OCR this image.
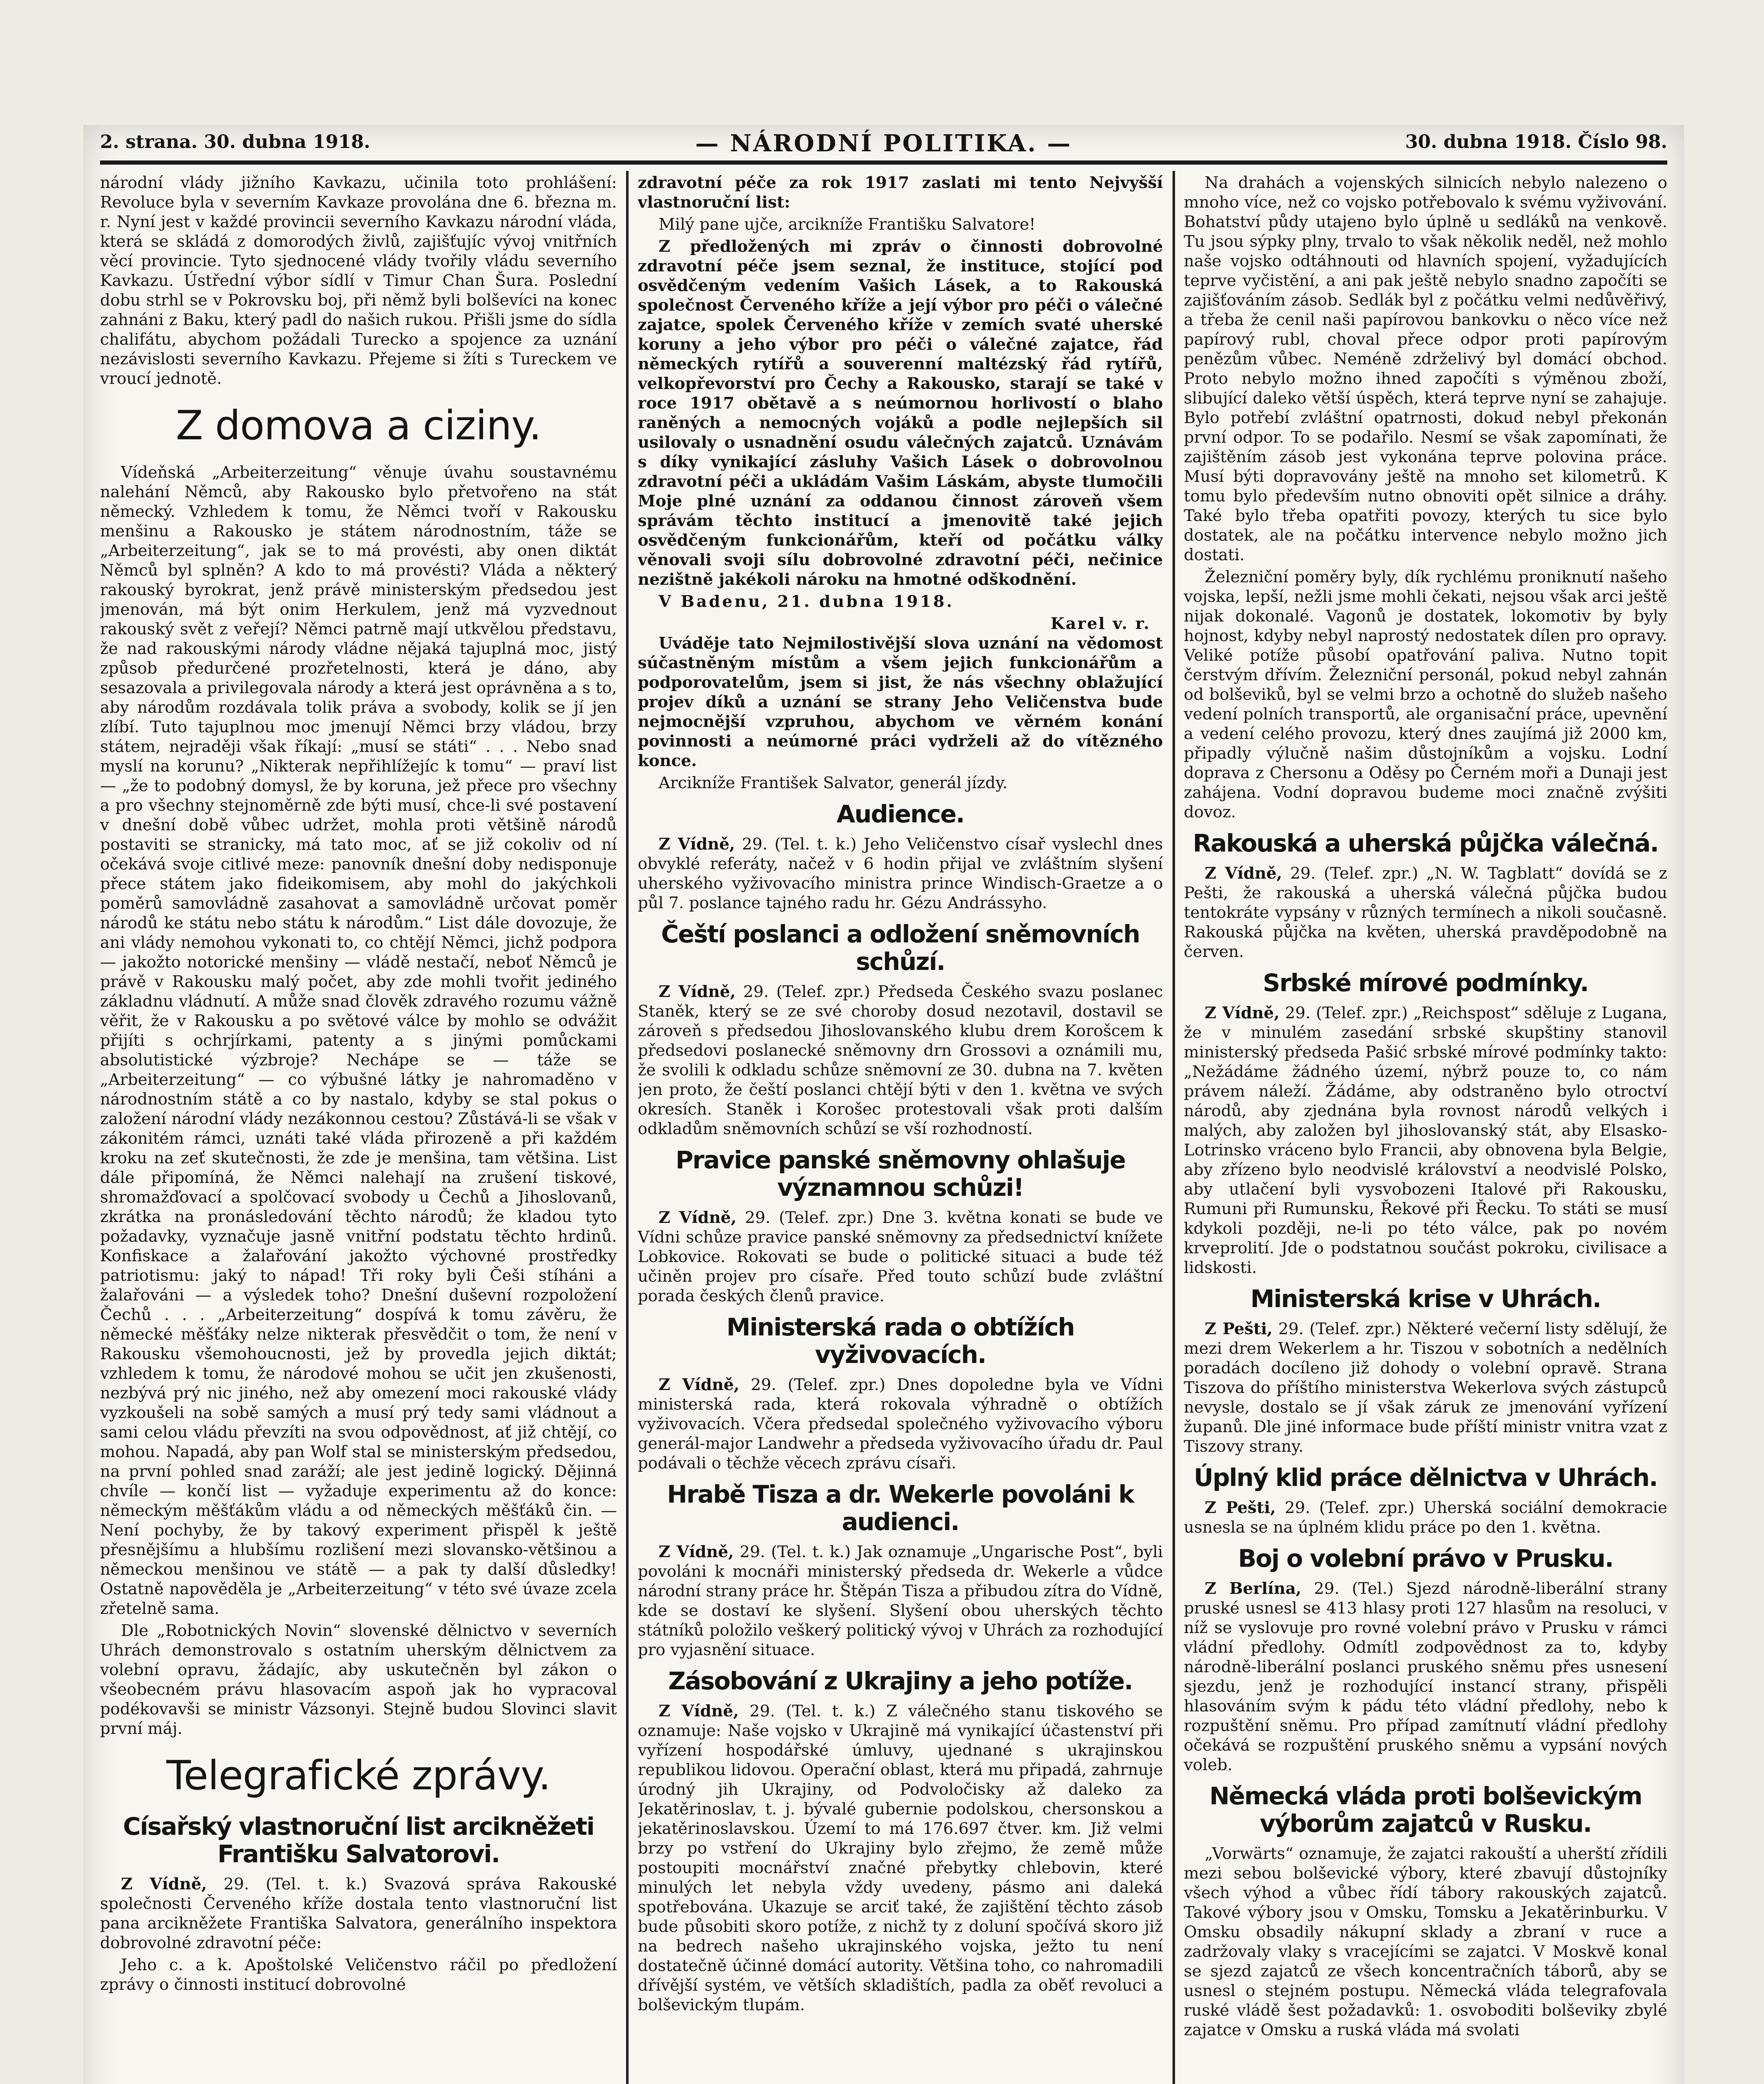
2. strana. 30. dubna 1918.	— NÁRODNÍ POLITIKA. —	30. dubna 1918. Číslo 98.

národní vlády jižního Kavkazu, učinila toto prohlášení: Revoluce byla v severním Kavkaze provolána dne 6. března m. r. Nyní jest v každé provincii severního Kavkazu národní vláda, která se skládá z domorodých živlů, zajišťujíc vývoj vnitřních věcí provincie. Tyto sjednocené vlády tvořily vládu severního Kavkazu. Ústřední výbor sídlí v Timur Chan Šura. Poslední dobu strhl se v Pokrovsku boj, při němž byli bolševíci na konec zahnáni z Baku, který padl do našich rukou. Přišli jsme do sídla chalifátu, abychom požádali Turecko a spojence za uznání nezávislosti severního Kavkazu. Přejeme si žíti s Tureckem ve vroucí jednotě.

Z domova a ciziny.

Vídeňská „Arbeiterzeitung“ věnuje úvahu soustavnému nalehání Němců, aby Rakousko bylo přetvořeno na stát německý. Vzhledem k tomu, že Němci tvoří v Rakousku menšinu a Rakousko je státem národnostním, táže se „Arbeiterzeitung“, jak se to má provésti, aby onen diktát Němců byl splněn? A kdo to má provésti? Vláda a některý rakouský byrokrat, jenž právě ministerským předsedou jest jmenován, má být onim Herkulem, jenž má vyzvednout rakouský svět z veřejí? Němci patrně mají utkvělou představu, že nad rakouskými národy vládne nějaká tajuplná moc, jistý způsob předurčené prozřetelnosti, která je dáno, aby sesazovala a privilegovala národy a která jest oprávněna a s to, aby národům rozdávala tolik práva a svobody, kolik se jí jen zlíbí. Tuto tajuplnou moc jmenují Němci brzy vládou, brzy státem, nejraději však říkají: „musí se státi“ . . . Nebo snad myslí na korunu? „Nikterak nepřihlížejíc k tomu“ — praví list — „že to podobný domysl, že by koruna, jež přece pro všechny a pro všechny stejnoměrně zde býti musí, chce-li své postavení v dnešní době vůbec udržet, mohla proti většině národů postaviti se stranicky, má tato moc, ať se již cokoliv od ní očekává svoje citlivé meze: panovník dnešní doby nedisponuje přece státem jako fideikomisem, aby mohl do jakýchkoli poměrů samovládně zasahovat a samovládně určovat poměr národů ke státu nebo státu k národům.“ List dále dovozuje, že ani vlády nemohou vykonati to, co chtějí Němci, jichž podpora — jakožto notorické menšiny — vládě nestačí, neboť Němců je právě v Rakousku malý počet, aby zde mohli tvořit jediného základnu vládnutí. A může snad člověk zdravého rozumu vážně věřit, že v Rakousku a po světové válce by mohlo se odvážit přijíti s ochrjírkami, patenty a s jinými pomůckami absolutistické výzbroje? Nechápe se — táže se „Arbeiterzeitung“ — co výbušné látky je nahromaděno v národnostním státě a co by nastalo, kdyby se stal pokus o založení národní vlády nezákonnou cestou? Zůstává-li se však v zákonitém rámci, uznáti také vláda přirozeně a při každém kroku na zeť skutečnosti, že zde je menšina, tam většina. List dále připomíná, že Němci nalehají na zrušení tiskové, shromažďovací a spolčovací svobody u Čechů a Jihoslovanů, zkrátka na pronásledování těchto národů; že kladou tyto požadavky, vyznačuje jasně vnitřní podstatu těchto hrdinů. Konfiskace a žalařování jakožto výchovné prostředky patriotismu: jaký to nápad! Tři roky byli Češi stíháni a žalařováni — a výsledek toho? Dnešní duševní rozpoložení Čechů . . . „Arbeiterzeitung“ dospívá k tomu závěru, že německé měšťáky nelze nikterak přesvědčit o tom, že není v Rakousku všemohoucnosti, jež by provedla jejich diktát; vzhledem k tomu, že národové mohou se učit jen zkušenosti, nezbývá prý nic jiného, než aby omezení moci rakouské vlády vyzkoušeli na sobě samých a musí prý tedy sami vládnout a sami celou vládu převzíti na svou odpovědnost, ať již chtějí, co mohou. Napadá, aby pan Wolf stal se ministerským předsedou, na první pohled snad zaráží; ale jest jedině logický. Dějinná chvíle — končí list — vyžaduje experimentu až do konce: německým měšťákům vládu a od německých měšťáků čin. — Není pochyby, že by takový experiment přispěl k ještě přesnějšímu a hlubšímu rozlišení mezi slovansko-většinou a německou menšinou ve státě — a pak ty další důsledky! Ostatně napověděla je „Arbeiterzeitung“ v této své úvaze zcela zřetelně sama.

Dle „Robotnických Novin“ slovenské dělnictvo v severních Uhrách demonstrovalo s ostatním uherským dělnictvem za volební opravu, žádajíc, aby uskutečněn byl zákon o všeobecném právu hlasovacím aspoň jak ho vypracoval podékovavši se ministr Vázsonyi. Stejně budou Slovinci slavit první máj.

Telegrafické zprávy.
Císařský vlastnoruční list arcikněžeti Františku Salvatorovi.

Z Vídně, 29. (Tel. t. k.) Svazová správa Rakouské společnosti Červeného kříže dostala tento vlastnoruční list pana arcikněžete Františka Salvatora, generálního inspektora dobrovolné zdravotní péče:

Jeho c. a k. Apoštolské Veličenstvo ráčil po předložení zprávy o činnosti institucí dobrovolné

zdravotní péče za rok 1917 zaslati mi tento Nejvyšší vlastnoruční list:

Milý pane ujče, arcikníže Františku Salvatore!

Z předložených mi zpráv o činnosti dobrovolné zdravotní péče jsem seznal, že instituce, stojící pod osvědčeným vedením Vašich Lásek, a to Rakouská společnost Červeného kříže a její výbor pro péči o válečné zajatce, spolek Červeného kříže v zemích svaté uherské koruny a jeho výbor pro péči o válečné zajatce, řád německých rytířů a souverenní maltézský řád rytířů, velkopřevorství pro Čechy a Rakousko, starají se také v roce 1917 obětavě a s neúmornou horlivostí o blaho raněných a nemocných vojáků a podle nejlepších sil usilovaly o usnadnění osudu válečných zajatců. Uznávám s díky vynikající zásluhy Vašich Lásek o dobrovolnou zdravotní péči a ukládám Vašim Láskám, abyste tlumočili Moje plné uznání za oddanou činnost zároveň všem správám těchto institucí a jmenovitě také jejich osvědčeným funkcionářům, kteří od počátku války věnovali svoji sílu dobrovolné zdravotní péči, nečinice nezištně jakékoli nároku na hmotné odškodnění.

V Badenu, 21. dubna 1918.

Karel v. r.

Uváděje tato Nejmilostivější slova uznání na vědomost súčastněným místům a všem jejich funkcionářům a podporovatelům, jsem si jist, že nás všechny oblažující projev díků a uznání se strany Jeho Veličenstva bude nejmocnější vzpruhou, abychom ve věrném konání povinnosti a neúmorné práci vydrželi až do vítězného konce.

Arcikníže František Salvator, generál jízdy.

Audience.

Z Vídně, 29. (Tel. t. k.) Jeho Veličenstvo císař vyslechl dnes obvyklé referáty, načež v 6 hodin přijal ve zvláštním slyšení uherského vyživovacího ministra prince Windisch-Graetze a o půl 7. poslance tajného radu hr. Gézu Andrássyho.

Čeští poslanci a odložení sněmovních schůzí.

Z Vídně, 29. (Telef. zpr.) Předseda Českého svazu poslanec Staněk, který se ze své choroby dosud nezotavil, dostavil se zároveň s předsedou Jihoslovanského klubu drem Korošcem k předsedovi poslanecké sněmovny drn Grossovi a oznámili mu, že svolili k odkladu schůze sněmovní ze 30. dubna na 7. květen jen proto, že čeští poslanci chtějí býti v den 1. května ve svých okresích. Staněk i Korošec protestovali však proti dalším odkladům sněmovních schůzí se vší rozhodností.

Pravice panské sněmovny ohlašuje významnou schůzi!

Z Vídně, 29. (Telef. zpr.) Dne 3. května konati se bude ve Vídni schůze pravice panské sněmovny za předsednictví knížete Lobkovice. Rokovati se bude o politické situaci a bude též učiněn projev pro císaře. Před touto schůzí bude zvláštní porada českých členů pravice.

Ministerská rada o obtížích vyživovacích.

Z Vídně, 29. (Telef. zpr.) Dnes dopoledne byla ve Vídni ministerská rada, která rokovala výhradně o obtížích vyživovacích. Včera předsedal společného vyživovacího výboru generál-major Landwehr a předseda vyživovacího úřadu dr. Paul podávali o těchže věcech zprávu císaři.

Hrabě Tisza a dr. Wekerle povoláni k audienci.

Z Vídně, 29. (Tel. t. k.) Jak oznamuje „Ungarische Post“, byli povoláni k mocnáři ministerský předseda dr. Wekerle a vůdce národní strany práce hr. Štěpán Tisza a přibudou zítra do Vídně, kde se dostaví ke slyšení. Slyšení obou uherských těchto státníků položilo veškerý politický vývoj v Uhrách za rozhodující pro vyjasnění situace.

Zásobování z Ukrajiny a jeho potíže.

Z Vídně, 29. (Tel. t. k.) Z válečného stanu tiskového se oznamuje: Naše vojsko v Ukrajině má vynikající účastenství při vyřízení hospodářské úmluvy, ujednané s ukrajinskou republikou lidovou. Operační oblast, která mu připadá, zahrnuje úrodný jih Ukrajiny, od Podvoločisky až daleko za Jekatěrinoslav, t. j. bývalé gubernie podolskou, chersonskou a jekatěrinoslavskou. Území to má 176.697 čtver. km. Již velmi brzy po vstření do Ukrajiny bylo zřejmo, že země může postoupiti mocnářství značné přebytky chlebovin, které minulých let nebyla vždy uvedeny, pásmo ani daleká spotřebována. Ukazuje se arciť také, že zajištění těchto zásob bude působiti skoro potíže, z nichž ty z doluní spočívá skoro již na bedrech našeho ukrajinského vojska, ježto tu není dostatečně účinné domácí autority. Většina toho, co nahromadili dřívější systém, ve větších skladištích, padla za oběť revoluci a bolševickým tlupám.

Na drahách a vojenských silnicích nebylo nalezeno o mnoho více, než co vojsko potřebovalo k svému vyživování. Bohatství půdy utajeno bylo úplně u sedláků na venkově. Tu jsou sýpky plny, trvalo to však několik neděl, než mohlo naše vojsko odtáhnouti od hlavních spojení, vyžadujících teprve vyčistění, a ani pak ještě nebylo snadno započíti se zajišťováním zásob. Sedlák byl z počátku velmi nedůvěřivý, a třeba že cenil naši papírovou bankovku o něco více než papírový rubl, choval přece odpor proti papírovým penězům vůbec. Neméně zdrželivý byl domácí obchod. Proto nebylo možno ihned započíti s výměnou zboží, slibující daleko větší úspěch, která teprve nyní se zahajuje. Bylo potřebí zvláštní opatrnosti, dokud nebyl překonán první odpor. To se podařilo. Nesmí se však zapomínati, že zajištěním zásob jest vykonána teprve polovina práce. Musí býti dopravovány ještě na mnoho set kilometrů. K tomu bylo především nutno obnoviti opět silnice a dráhy. Také bylo třeba opatřiti povozy, kterých tu sice bylo dostatek, ale na počátku intervence nebylo možno jich dostati.

Železniční poměry byly, dík rychlému proniknutí našeho vojska, lepší, nežli jsme mohli čekati, nejsou však arci ještě nijak dokonalé. Vagonů je dostatek, lokomotiv by byly hojnost, kdyby nebyl naprostý nedostatek dílen pro opravy. Veliké potíže působí opatřování paliva. Nutno topit čerstvým dřívím. Železniční personál, pokud nebyl zahnán od bolševiků, byl se velmi brzo a ochotně do služeb našeho vedení polních transportů, ale organisační práce, upevnění a vedení celého provozu, který dnes zaujímá již 2000 km, připadly výlučně našim důstojníkům a vojsku. Lodní doprava z Chersonu a Oděsy po Černém moři a Dunaji jest zahájena. Vodní dopravou budeme moci značně zvýšiti dovoz.

Rakouská a uherská půjčka válečná.

Z Vídně, 29. (Telef. zpr.) „N. W. Tagblatt“ dovídá se z Pešti, že rakouská a uherská válečná půjčka budou tentokráte vypsány v různých termínech a nikoli současně. Rakouská půjčka na květen, uherská pravděpodobně na červen.

Srbské mírové podmínky.

Z Vídně, 29. (Telef. zpr.) „Reichspost“ sděluje z Lugana, že v minulém zasedání srbské skupštiny stanovil ministerský předseda Pašić srbské mírové podmínky takto: „Nežádáme žádného území, nýbrž pouze to, co nám právem náleží. Žádáme, aby odstraněno bylo otroctví národů, aby zjednána byla rovnost národů velkých i malých, aby založen byl jihoslovanský stát, aby Elsasko-Lotrinsko vráceno bylo Francii, aby obnovena byla Belgie, aby zřízeno bylo neodvislé království a neodvislé Polsko, aby utlačení byli vysvobozeni Italové při Rakousku, Rumuni při Rumunsku, Řekové při Řecku. To státi se musí kdykoli později, ne-li po této válce, pak po novém krveprolití. Jde o podstatnou součást pokroku, civilisace a lidskosti.

Ministerská krise v Uhrách.

Z Pešti, 29. (Telef. zpr.) Některé večerní listy sdělují, že mezi drem Wekerlem a hr. Tiszou v sobotních a nedělních poradách docíleno již dohody o volební opravě. Strana Tiszova do příštího ministerstva Wekerlova svých zástupců nevysle, dostalo se jí však záruk ze jmenování vyřízení županů. Dle jiné informace bude příští ministr vnitra vzat z Tiszovy strany.

Úplný klid práce dělnictva v Uhrách.

Z Pešti, 29. (Telef. zpr.) Uherská sociální demokracie usnesla se na úplném klidu práce po den 1. května.

Boj o volební právo v Prusku.

Z Berlína, 29. (Tel.) Sjezd národně-liberální strany pruské usnesl se 413 hlasy proti 127 hlasům na resoluci, v níž se vyslovuje pro rovné volební právo v Prusku v rámci vládní předlohy. Odmítl zodpovědnost za to, kdyby národně-liberální poslanci pruského sněmu přes usnesení sjezdu, jenž je rozhodující instancí strany, přispěli hlasováním svým k pádu této vládní předlohy, nebo k rozpuštění sněmu. Pro případ zamítnutí vládní předlohy očekává se rozpuštění pruského sněmu a vypsání nových voleb.

Německá vláda proti bolševickým výborům zajatců v Rusku.

„Vorwärts“ oznamuje, že zajatci rakouští a uherští zřídili mezi sebou bolševické výbory, které zbavují důstojníky všech výhod a vůbec řídí tábory rakouských zajatců. Takové výbory jsou v Omsku, Tomsku a Jekatěrinburku. V Omsku obsadily nákupní sklady a zbraní v ruce a zadržovaly vlaky s vracejícími se zajatci. V Moskvě konal se sjezd zajatců ze všech koncentračních táborů, aby se usnesl o stejném postupu. Německá vláda telegrafovala ruské vládě šest požadavků: 1. osvoboditi bolševiky zbylé zajatce v Omsku a ruská vláda má svolati
